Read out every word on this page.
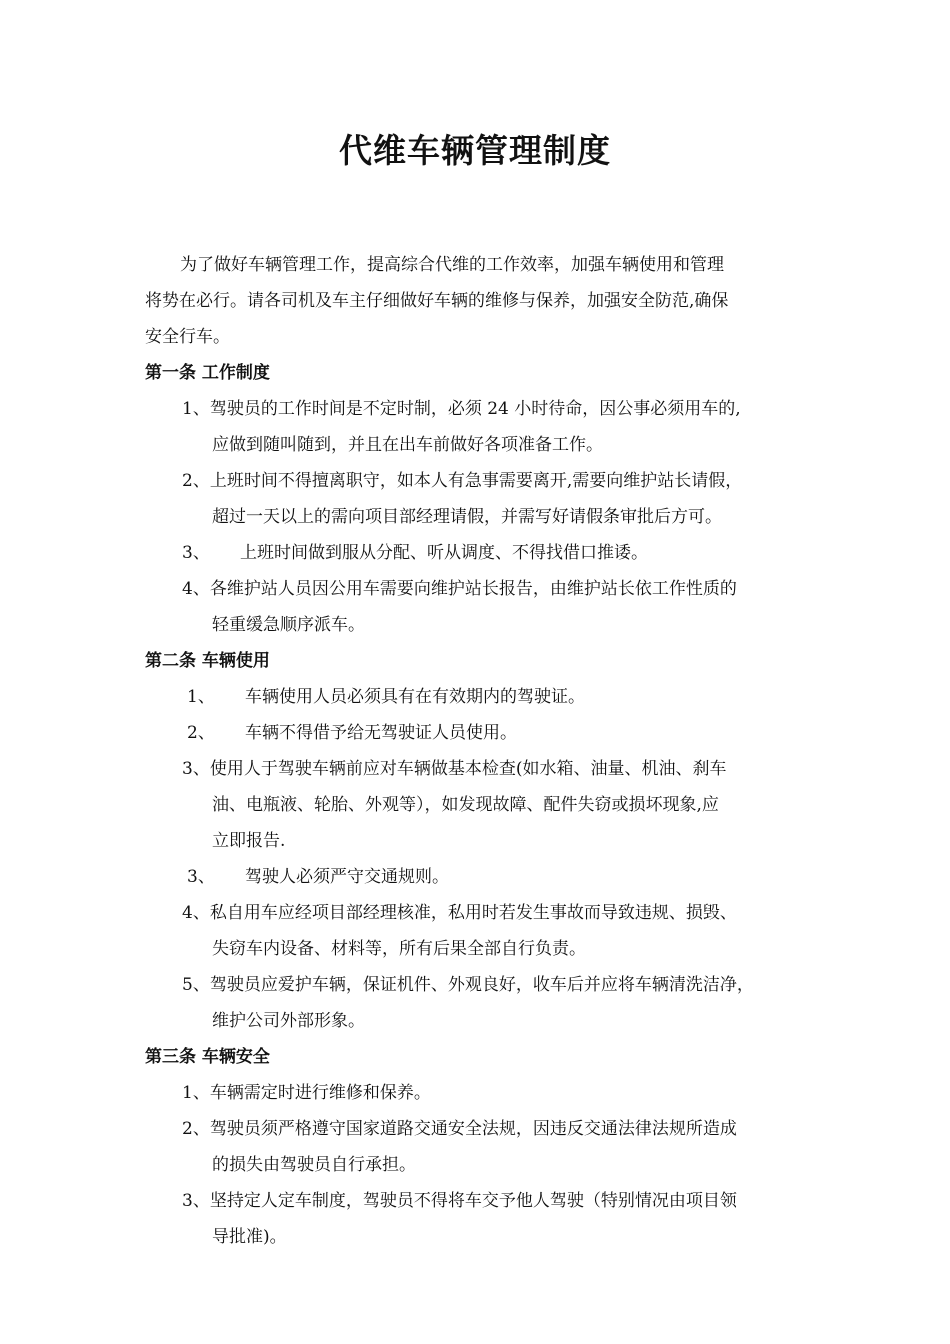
代维车辆管理制度
为了做好车辆管理工作，提高综合代维的工作效率，加强车辆使用和管理
将势在必行。请各司机及车主仔细做好车辆的维修与保养，加强安全防范,确保
安全行车。
第一条 工作制度
1、驾驶员的工作时间是不定时制，必须 24 小时待命，因公事必须用车的,
应做到随叫随到，并且在出车前做好各项准备工作。
2、上班时间不得擅离职守，如本人有急事需要离开,需要向维护站长请假，
超过一天以上的需向项目部经理请假，并需写好请假条审批后方可。
3、 上班时间做到服从分配、听从调度、不得找借口推诿。
4、各维护站人员因公用车需要向维护站长报告，由维护站长依工作性质的
轻重缓急顺序派车。
第二条 车辆使用
1、 车辆使用人员必须具有在有效期内的驾驶证。
2、 车辆不得借予给无驾驶证人员使用。
3、使用人于驾驶车辆前应对车辆做基本检查(如水箱、油量、机油、刹车
油、电瓶液、轮胎、外观等），如发现故障、配件失窃或损坏现象,应
立即报告.
3、 驾驶人必须严守交通规则。
4、私自用车应经项目部经理核准，私用时若发生事故而导致违规、损毁、
失窃车内设备、材料等，所有后果全部自行负责。
5、驾驶员应爱护车辆，保证机件、外观良好，收车后并应将车辆清洗洁净，
维护公司外部形象。
第三条 车辆安全
1、车辆需定时进行维修和保养。
2、驾驶员须严格遵守国家道路交通安全法规，因违反交通法律法规所造成
的损失由驾驶员自行承担。
3、坚持定人定车制度，驾驶员不得将车交予他人驾驶（特别情况由项目领
导批准)。
